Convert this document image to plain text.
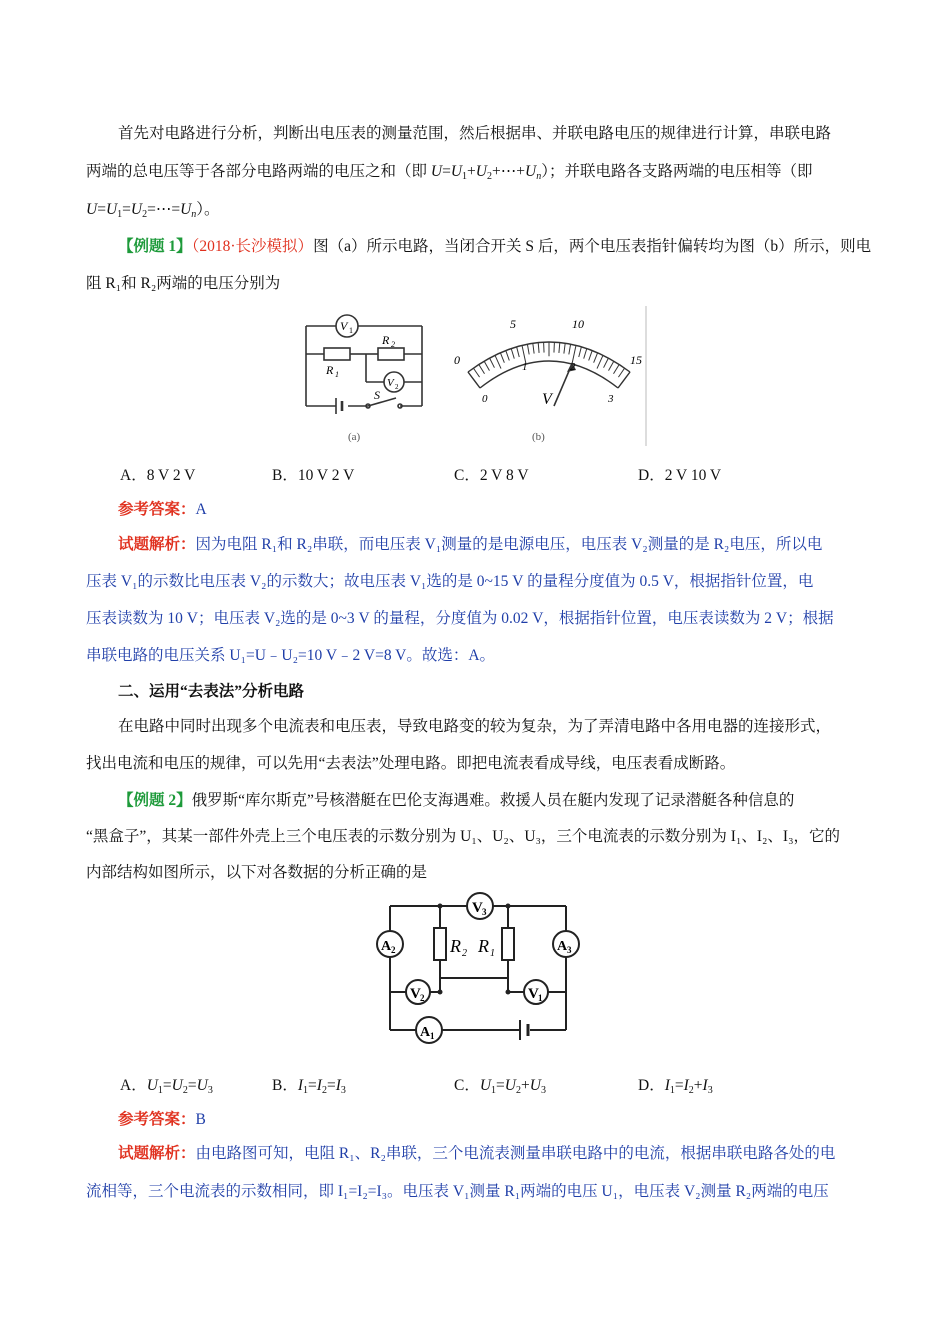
首先对电路进行分析，判断出电压表的测量范围，然后根据串、并联电路电压的规律进行计算，串联电路
两端的总电压等于各部分电路两端的电压之和（即 $U=U_1+U_2+\cdots+U_n$）；并联电路各支路两端的电压相等（即
$U=U_1=U_2=\cdots=U_n$）。
【例题 1】（2018·长沙模拟）图（a）所示电路，当闭合开关 S 后，两个电压表指针偏转均为图（b）所示，则电
阻 R₁和 R₂两端的电压分别为
V 1
R 2
R 1
V 2
S
(a)
0
5	10
15
0
1	2
3
V
(b)
A．8 V 2 V	B．10 V 2 V	C．2 V 8 V	D．2 V 10 V
参考答案：A
试题解析：因为电阻 R₁和 R₂串联，而电压表 V₁测量的是电源电压，电压表 V₂测量的是 R₂电压，所以电
压表 V₁的示数比电压表 V₂的示数大；故电压表 V₁选的是 0~15 V 的量程分度值为 0.5 V，根据指针位置，电
压表读数为 10 V；电压表 V₂选的是 0~3 V 的量程，分度值为 0.02 V，根据指针位置，电压表读数为 2 V；根据
串联电路的电压关系 U₁=U﹣U₂=10 V﹣2 V=8 V。故选：A。
二、运用“去表法”分析电路
在电路中同时出现多个电流表和电压表，导致电路变的较为复杂，为了弄清电路中各用电器的连接形式，
找出电流和电压的规律，可以先用“去表法”处理电路。即把电流表看成导线，电压表看成断路。
【例题 2】俄罗斯“库尔斯克”号核潜艇在巴伦支海遇难。救援人员在艇内发现了记录潜艇各种信息的
“黑盒子”，其某一部件外壳上三个电压表的示数分别为 U₁、U₂、U₃，三个电流表的示数分别为 I₁、I₂、I₃，它的
内部结构如图所示，以下对各数据的分析正确的是
V 3
A 2	R 2 R 1	A 3
V 2	V 1
A 1
A．$U_1=U_2=U_3$	B．$I_1=I_2=I_3$	C．$U_1=U_2+U_3$	D．$I_1=I_2+I_3$
参考答案：B
试题解析：由电路图可知，电阻 R₁、R₂串联，三个电流表测量串联电路中的电流，根据串联电路各处的电
流相等，三个电流表的示数相同，即 I₁=I₂=I₃。电压表 V₁测量 R₁两端的电压 U₁，电压表 V₂测量 R₂两端的电压
